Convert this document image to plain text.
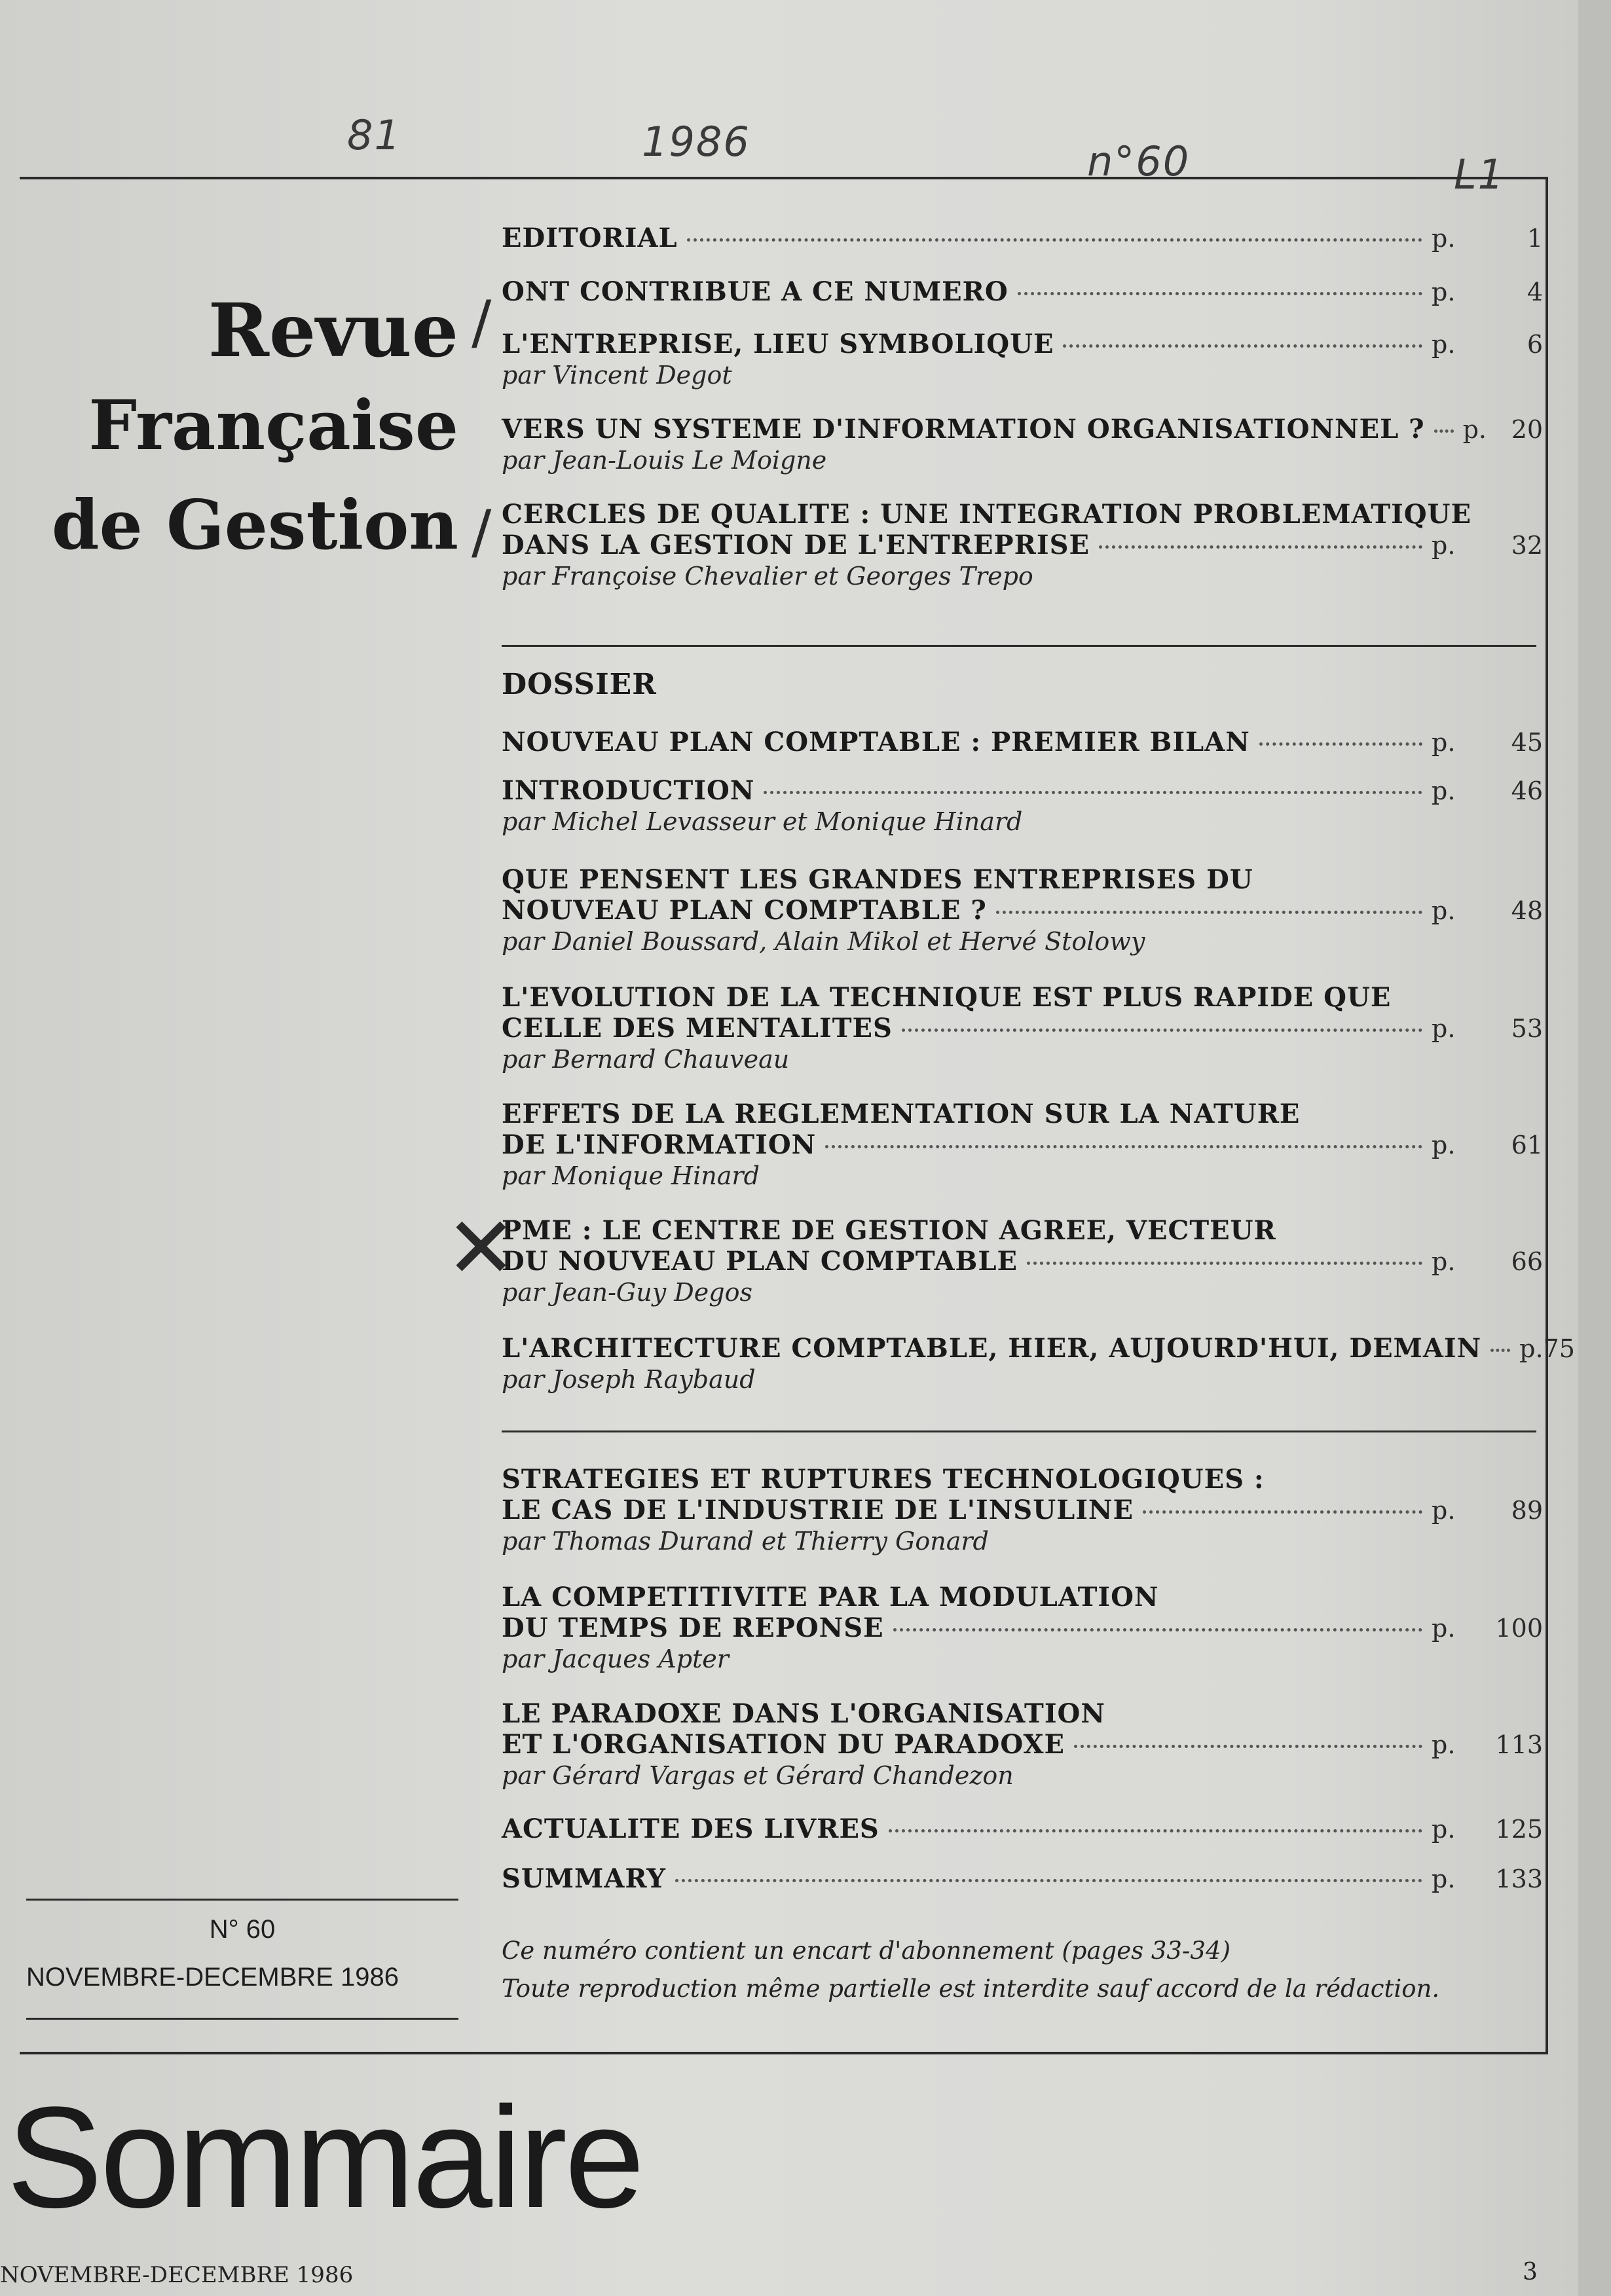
81	1986	n°60	L1
Revue
Française
de Gestion
/
/
EDITORIAL	p.	1
ONT CONTRIBUE A CE NUMERO	p.	4
L'ENTREPRISE, LIEU SYMBOLIQUE	p.	6
par Vincent Degot
VERS UN SYSTEME D'INFORMATION ORGANISATIONNEL ? p. 20
par Jean-Louis Le Moigne
CERCLES DE QUALITE : UNE INTEGRATION PROBLEMATIQUE
DANS LA GESTION DE L'ENTREPRISE	p. 32
par Françoise Chevalier et Georges Trepo
DOSSIER
NOUVEAU PLAN COMPTABLE : PREMIER BILAN	p. 45
INTRODUCTION	p. 46
par Michel Levasseur et Monique Hinard
QUE PENSENT LES GRANDES ENTREPRISES DU
NOUVEAU PLAN COMPTABLE ?	p. 48
par Daniel Boussard, Alain Mikol et Hervé Stolowy
L'EVOLUTION DE LA TECHNIQUE EST PLUS RAPIDE QUE
CELLE DES MENTALITES	p. 53
par Bernard Chauveau
EFFETS DE LA REGLEMENTATION SUR LA NATURE
DE L'INFORMATION	p. 61
par Monique Hinard
PME : LE CENTRE DE GESTION AGREE, VECTEUR
DU NOUVEAU PLAN COMPTABLE	p. 66
par Jean-Guy Degos
L'ARCHITECTURE COMPTABLE, HIER, AUJOURD'HUI, DEMAIN p. 75
par Joseph Raybaud
STRATEGIES ET RUPTURES TECHNOLOGIQUES :
LE CAS DE L'INDUSTRIE DE L'INSULINE	p. 89
par Thomas Durand et Thierry Gonard
LA COMPETITIVITE PAR LA MODULATION
DU TEMPS DE REPONSE	p. 100
par Jacques Apter
LE PARADOXE DANS L'ORGANISATION
ET L'ORGANISATION DU PARADOXE	p. 113
par Gérard Vargas et Gérard Chandezon
ACTUALITE DES LIVRES	p. 125
SUMMARY	p. 133
✕
N° 60
NOVEMBRE-DECEMBRE 1986
Ce numéro contient un encart d'abonnement (pages 33-34)
Toute reproduction même partielle est interdite sauf accord de la rédaction.
Sommaire
NOVEMBRE-DECEMBRE 1986	3
